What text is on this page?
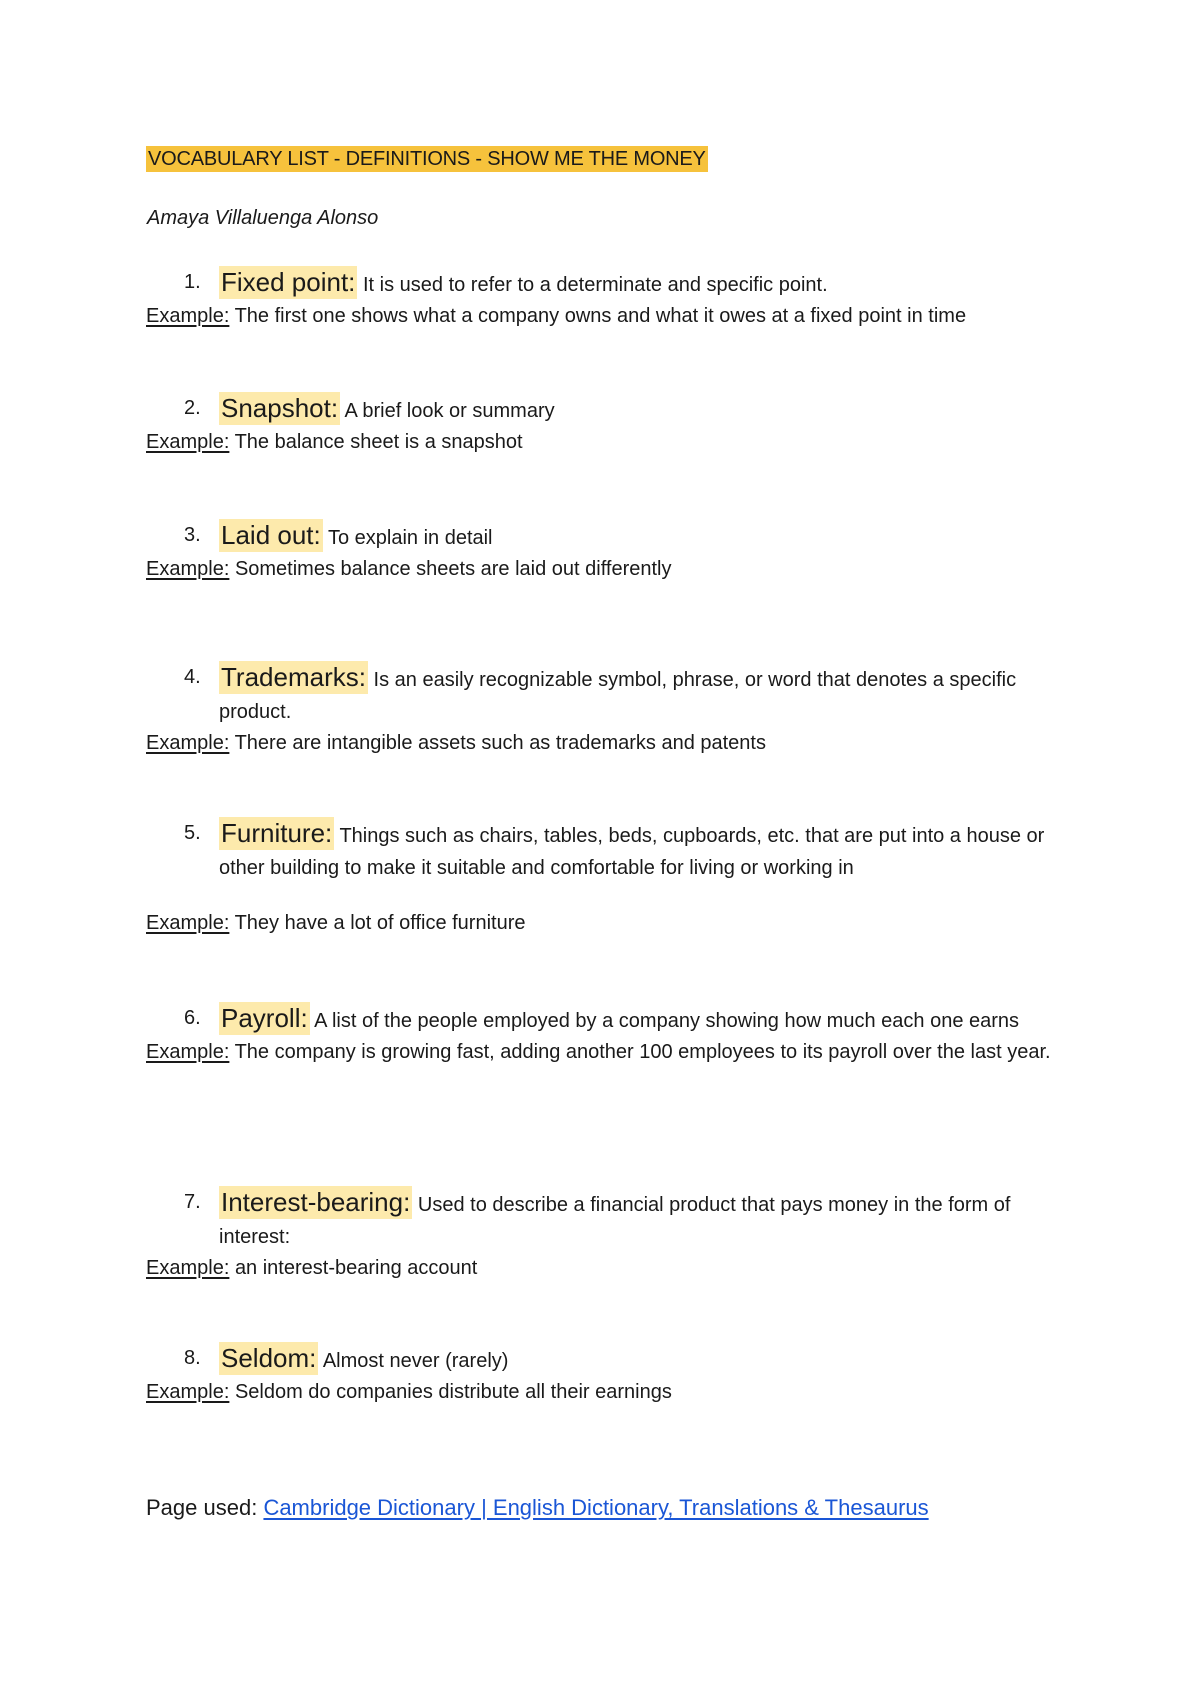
VOCABULARY LIST - DEFINITIONS - SHOW ME THE MONEY
Amaya Villaluenga Alonso
1. Fixed point: It is used to refer to a determinate and specific point.
Example: The first one shows what a company owns and what it owes at a fixed point in time
2. Snapshot: A brief look or summary
Example: The balance sheet is a snapshot
3. Laid out: To explain in detail
Example: Sometimes balance sheets are laid out differently
4. Trademarks: Is an easily recognizable symbol, phrase, or word that denotes a specific product.
Example: There are intangible assets such as trademarks and patents
5. Furniture: Things such as chairs, tables, beds, cupboards, etc. that are put into a house or other building to make it suitable and comfortable for living or working in
Example: They have a lot of office furniture
6. Payroll: A list of the people employed by a company showing how much each one earns
Example: The company is growing fast, adding another 100 employees to its payroll over the last year.
7. Interest-bearing: Used to describe a financial product that pays money in the form of interest:
Example: an interest-bearing account
8. Seldom: Almost never (rarely)
Example: Seldom do companies distribute all their earnings
Page used: Cambridge Dictionary | English Dictionary, Translations & Thesaurus
